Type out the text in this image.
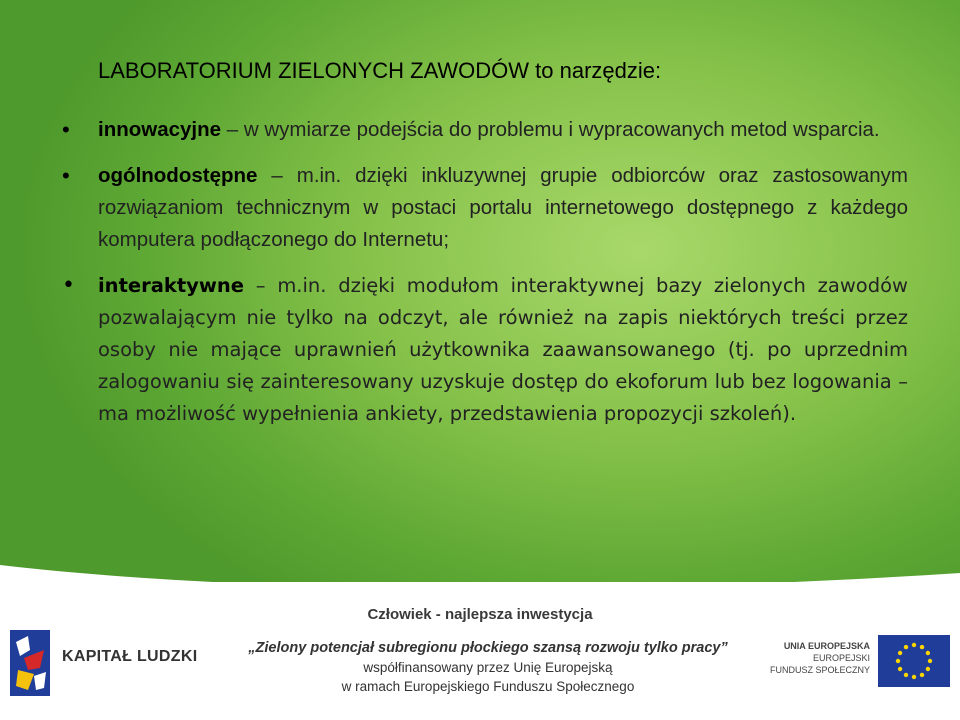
LABORATORIUM ZIELONYCH ZAWODÓW to narzędzie:
• innowacyjne – w wymiarze podejścia do problemu i wypracowanych metod wsparcia.
• ogólnodostępne – m.in. dzięki inkluzywnej grupie odbiorców oraz zastosowanym rozwiązaniom technicznym w postaci portalu internetowego dostępnego z każdego komputera podłączonego do Internetu;
• interaktywne – m.in. dzięki modułom interaktywnej bazy zielonych zawodów pozwalającym nie tylko na odczyt, ale również na zapis niektórych treści przez osoby nie mające uprawnień użytkownika zaawansowanego (tj. po uprzednim zalogowaniu się zainteresowany uzyskuje dostęp do ekoforum lub bez logowania – ma możliwość wypełnienia ankiety, przedstawienia propozycji szkoleń).
Człowiek - najlepsza inwestycja
„Zielony potencjał subregionu płockiego szansą rozwoju tylko pracy”
współfinansowany przez Unię Europejską
w ramach Europejskiego Funduszu Społecznego
KAPITAŁ LUDZKI
UNIA EUROPEJSKA
EUROPEJSKI
FUNDUSZ SPOŁECZNY
